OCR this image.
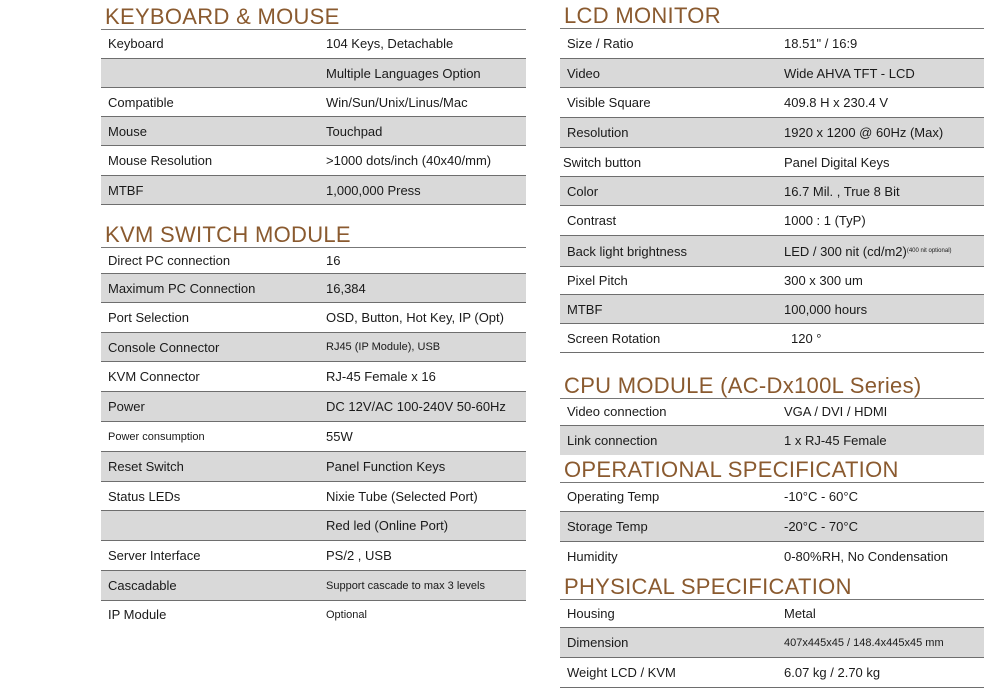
KEYBOARD & MOUSE
Keyboard	104 Keys, Detachable
Multiple Languages Option
Compatible	Win/Sun/Unix/Linus/Mac
Mouse	Touchpad
Mouse Resolution	>1000 dots/inch (40x40/mm)
MTBF	1,000,000 Press
KVM SWITCH MODULE
Direct PC connection	16
Maximum PC Connection	16,384
Port Selection	OSD, Button, Hot Key, IP (Opt)
Console Connector	RJ45 (IP Module), USB
KVM Connector	RJ-45 Female x 16
Power	DC 12V/AC 100-240V 50-60Hz
Power consumption	55W
Reset Switch	Panel Function Keys
Status LEDs	Nixie Tube (Selected Port)
Red led (Online Port)
Server Interface	PS/2 , USB
Cascadable	Support cascade to max 3 levels
IP Module	Optional
LCD MONITOR
Size / Ratio	18.51" / 16:9
Video	Wide AHVA TFT - LCD
Visible Square	409.8 H x 230.4 V
Resolution	1920 x 1200 @ 60Hz (Max)
Switch button	Panel Digital Keys
Color	16.7 Mil. , True 8 Bit
Contrast	1000 : 1 (TyP)
Back light brightness	LED / 300 nit (cd/m2) (400 nit optional)
Pixel Pitch	300 x 300 um
MTBF	100,000 hours
Screen Rotation	120 °
CPU MODULE (AC-Dx100L Series)
Video connection	VGA / DVI / HDMI
Link connection	1 x RJ-45 Female
OPERATIONAL SPECIFICATION
Operating Temp	-10°C - 60°C
Storage Temp	-20°C - 70°C
Humidity	0-80%RH, No Condensation
PHYSICAL SPECIFICATION
Housing	Metal
Dimension	407x445x45 / 148.4x445x45 mm
Weight LCD / KVM	6.07 kg / 2.70 kg
